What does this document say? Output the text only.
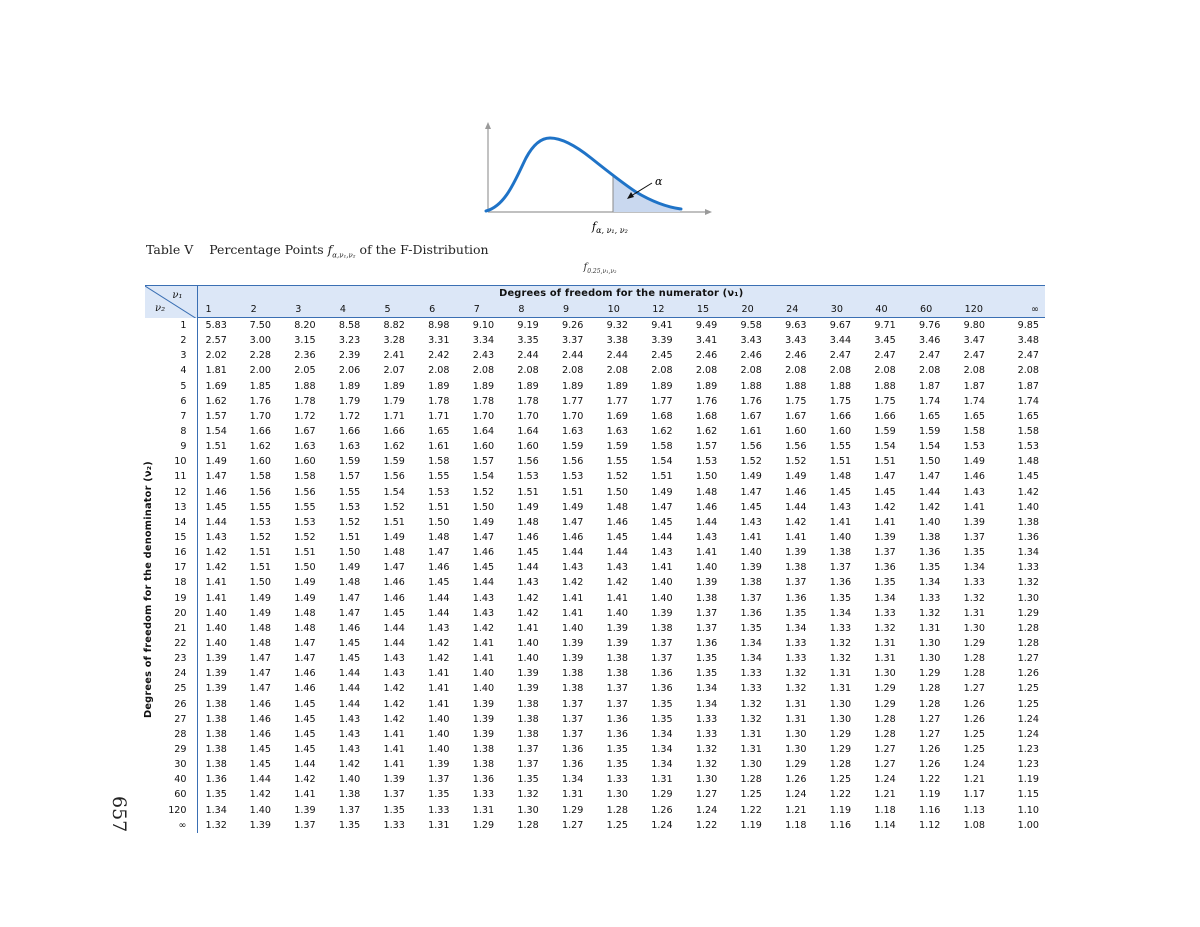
α
$f_{\alpha, \nu_1, \nu_2}$
Table V Percentage Points $f_{\alpha,\nu_1,\nu_2}$ of the F-Distribution
$f_{0.25,\nu_1,\nu_2}$
ν₁
ν₂	Degrees of freedom for the numerator (ν₁)																		
	1	2	3	4	5	6	7	8	9	10	12	15	20	24	30	40	60	120	∞
1	5.83	7.50	8.20	8.58	8.82	8.98	9.10	9.19	9.26	9.32	9.41	9.49	9.58	9.63	9.67	9.71	9.76	9.80	9.85
2	2.57	3.00	3.15	3.23	3.28	3.31	3.34	3.35	3.37	3.38	3.39	3.41	3.43	3.43	3.44	3.45	3.46	3.47	3.48
3	2.02	2.28	2.36	2.39	2.41	2.42	2.43	2.44	2.44	2.44	2.45	2.46	2.46	2.46	2.47	2.47	2.47	2.47	2.47
4	1.81	2.00	2.05	2.06	2.07	2.08	2.08	2.08	2.08	2.08	2.08	2.08	2.08	2.08	2.08	2.08	2.08	2.08	2.08
5	1.69	1.85	1.88	1.89	1.89	1.89	1.89	1.89	1.89	1.89	1.89	1.89	1.88	1.88	1.88	1.88	1.87	1.87	1.87
6	1.62	1.76	1.78	1.79	1.79	1.78	1.78	1.78	1.77	1.77	1.77	1.76	1.76	1.75	1.75	1.75	1.74	1.74	1.74
7	1.57	1.70	1.72	1.72	1.71	1.71	1.70	1.70	1.70	1.69	1.68	1.68	1.67	1.67	1.66	1.66	1.65	1.65	1.65
8	1.54	1.66	1.67	1.66	1.66	1.65	1.64	1.64	1.63	1.63	1.62	1.62	1.61	1.60	1.60	1.59	1.59	1.58	1.58
9	1.51	1.62	1.63	1.63	1.62	1.61	1.60	1.60	1.59	1.59	1.58	1.57	1.56	1.56	1.55	1.54	1.54	1.53	1.53
10	1.49	1.60	1.60	1.59	1.59	1.58	1.57	1.56	1.56	1.55	1.54	1.53	1.52	1.52	1.51	1.51	1.50	1.49	1.48
11	1.47	1.58	1.58	1.57	1.56	1.55	1.54	1.53	1.53	1.52	1.51	1.50	1.49	1.49	1.48	1.47	1.47	1.46	1.45
12	1.46	1.56	1.56	1.55	1.54	1.53	1.52	1.51	1.51	1.50	1.49	1.48	1.47	1.46	1.45	1.45	1.44	1.43	1.42
13	1.45	1.55	1.55	1.53	1.52	1.51	1.50	1.49	1.49	1.48	1.47	1.46	1.45	1.44	1.43	1.42	1.42	1.41	1.40
14	1.44	1.53	1.53	1.52	1.51	1.50	1.49	1.48	1.47	1.46	1.45	1.44	1.43	1.42	1.41	1.41	1.40	1.39	1.38
15	1.43	1.52	1.52	1.51	1.49	1.48	1.47	1.46	1.46	1.45	1.44	1.43	1.41	1.41	1.40	1.39	1.38	1.37	1.36
16	1.42	1.51	1.51	1.50	1.48	1.47	1.46	1.45	1.44	1.44	1.43	1.41	1.40	1.39	1.38	1.37	1.36	1.35	1.34
17	1.42	1.51	1.50	1.49	1.47	1.46	1.45	1.44	1.43	1.43	1.41	1.40	1.39	1.38	1.37	1.36	1.35	1.34	1.33
18	1.41	1.50	1.49	1.48	1.46	1.45	1.44	1.43	1.42	1.42	1.40	1.39	1.38	1.37	1.36	1.35	1.34	1.33	1.32
19	1.41	1.49	1.49	1.47	1.46	1.44	1.43	1.42	1.41	1.41	1.40	1.38	1.37	1.36	1.35	1.34	1.33	1.32	1.30
20	1.40	1.49	1.48	1.47	1.45	1.44	1.43	1.42	1.41	1.40	1.39	1.37	1.36	1.35	1.34	1.33	1.32	1.31	1.29
21	1.40	1.48	1.48	1.46	1.44	1.43	1.42	1.41	1.40	1.39	1.38	1.37	1.35	1.34	1.33	1.32	1.31	1.30	1.28
22	1.40	1.48	1.47	1.45	1.44	1.42	1.41	1.40	1.39	1.39	1.37	1.36	1.34	1.33	1.32	1.31	1.30	1.29	1.28
23	1.39	1.47	1.47	1.45	1.43	1.42	1.41	1.40	1.39	1.38	1.37	1.35	1.34	1.33	1.32	1.31	1.30	1.28	1.27
24	1.39	1.47	1.46	1.44	1.43	1.41	1.40	1.39	1.38	1.38	1.36	1.35	1.33	1.32	1.31	1.30	1.29	1.28	1.26
25	1.39	1.47	1.46	1.44	1.42	1.41	1.40	1.39	1.38	1.37	1.36	1.34	1.33	1.32	1.31	1.29	1.28	1.27	1.25
26	1.38	1.46	1.45	1.44	1.42	1.41	1.39	1.38	1.37	1.37	1.35	1.34	1.32	1.31	1.30	1.29	1.28	1.26	1.25
27	1.38	1.46	1.45	1.43	1.42	1.40	1.39	1.38	1.37	1.36	1.35	1.33	1.32	1.31	1.30	1.28	1.27	1.26	1.24
28	1.38	1.46	1.45	1.43	1.41	1.40	1.39	1.38	1.37	1.36	1.34	1.33	1.31	1.30	1.29	1.28	1.27	1.25	1.24
29	1.38	1.45	1.45	1.43	1.41	1.40	1.38	1.37	1.36	1.35	1.34	1.32	1.31	1.30	1.29	1.27	1.26	1.25	1.23
30	1.38	1.45	1.44	1.42	1.41	1.39	1.38	1.37	1.36	1.35	1.34	1.32	1.30	1.29	1.28	1.27	1.26	1.24	1.23
40	1.36	1.44	1.42	1.40	1.39	1.37	1.36	1.35	1.34	1.33	1.31	1.30	1.28	1.26	1.25	1.24	1.22	1.21	1.19
60	1.35	1.42	1.41	1.38	1.37	1.35	1.33	1.32	1.31	1.30	1.29	1.27	1.25	1.24	1.22	1.21	1.19	1.17	1.15
120	1.34	1.40	1.39	1.37	1.35	1.33	1.31	1.30	1.29	1.28	1.26	1.24	1.22	1.21	1.19	1.18	1.16	1.13	1.10
∞	1.32	1.39	1.37	1.35	1.33	1.31	1.29	1.28	1.27	1.25	1.24	1.22	1.19	1.18	1.16	1.14	1.12	1.08	1.00
Degrees of freedom for the denominator (ν₂)
657
